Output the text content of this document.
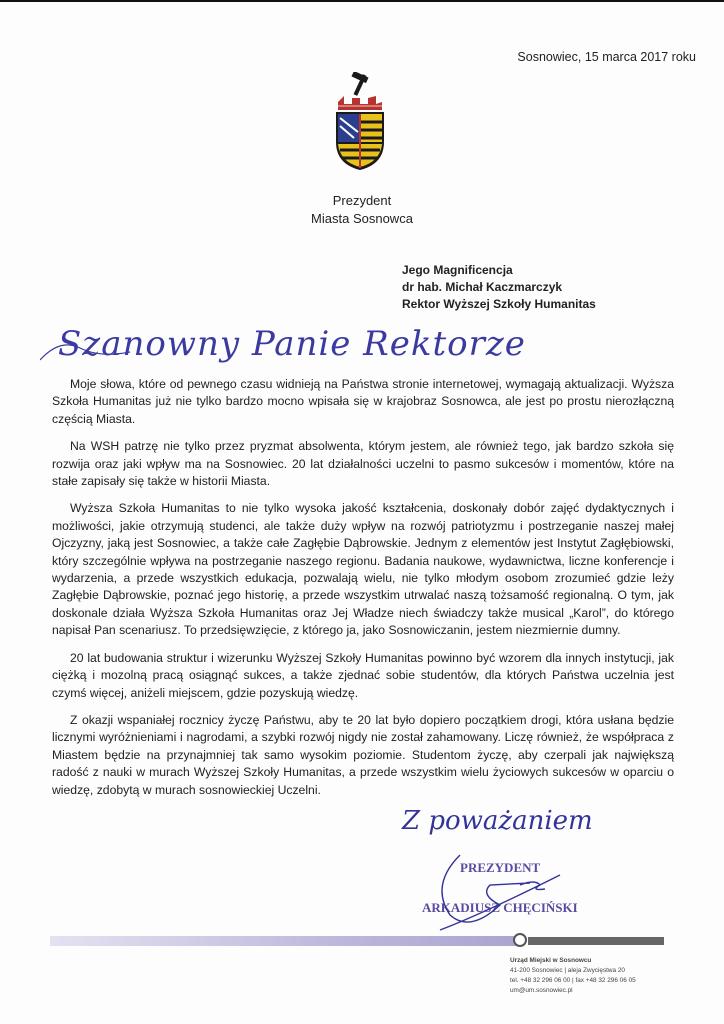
Sosnowiec, 15 marca 2017 roku
Prezydent
Miasta Sosnowca
Jego Magnificencja
dr hab. Michał Kaczmarczyk
Rektor Wyższej Szkoły Humanitas
Szanowny Panie Rektorze

Moje słowa, które od pewnego czasu widnieją na Państwa stronie internetowej, wymagają aktualizacji. Wyższa Szkoła Humanitas już nie tylko bardzo mocno wpisała się w krajobraz Sosnowca, ale jest po prostu nierozłączną częścią Miasta.

Na WSH patrzę nie tylko przez pryzmat absolwenta, którym jestem, ale również tego, jak bardzo szkoła się rozwija oraz jaki wpływ ma na Sosnowiec. 20 lat działalności uczelni to pasmo sukcesów i momentów, które na stałe zapisały się także w historii Miasta.

Wyższa Szkoła Humanitas to nie tylko wysoka jakość kształcenia, doskonały dobór zajęć dydaktycznych i możliwości, jakie otrzymują studenci, ale także duży wpływ na rozwój patriotyzmu i postrzeganie naszej małej Ojczyzny, jaką jest Sosnowiec, a także całe Zagłębie Dąbrowskie. Jednym z elementów jest Instytut Zagłębiowski, który szczególnie wpływa na postrzeganie naszego regionu. Badania naukowe, wydawnictwa, liczne konferencje i wydarzenia, a przede wszystkich edukacja, pozwalają wielu, nie tylko młodym osobom zrozumieć gdzie leży Zagłębie Dąbrowskie, poznać jego historię, a przede wszystkim utrwalać naszą tożsamość regionalną. O tym, jak doskonale działa Wyższa Szkoła Humanitas oraz Jej Władze niech świadczy także musical „Karol”, do którego napisał Pan scenariusz. To przedsięwzięcie, z którego ja, jako Sosnowiczanin, jestem niezmiernie dumny.

20 lat budowania struktur i wizerunku Wyższej Szkoły Humanitas powinno być wzorem dla innych instytucji, jak ciężką i mozolną pracą osiągnąć sukces, a także zjednać sobie studentów, dla których Państwa uczelnia jest czymś więcej, aniżeli miejscem, gdzie pozyskują wiedzę.

Z okazji wspaniałej rocznicy życzę Państwu, aby te 20 lat było dopiero początkiem drogi, która usłana będzie licznymi wyróżnieniami i nagrodami, a szybki rozwój nigdy nie został zahamowany. Liczę również, że współpraca z Miastem będzie na przynajmniej tak samo wysokim poziomie. Studentom życzę, aby czerpali jak największą radość z nauki w murach Wyższej Szkoły Humanitas, a przede wszystkim wielu życiowych sukcesów w oparciu o wiedzę, zdobytą w murach sosnowieckiej Uczelni.

Z poważaniem
PREZYDENT
ARKADIUSZ CHĘCIŃSKI
Urząd Miejski w Sosnowcu
41-200 Sosnowiec | aleja Zwycięstwa 20
tel. +48 32 296 06 00 | fax +48 32 296 06 05
um@um.sosnowiec.pl
